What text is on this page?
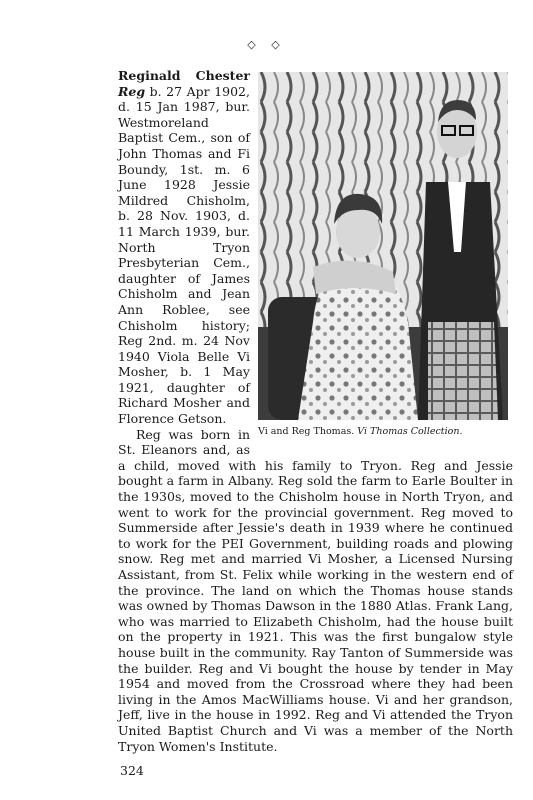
◇ ◇
Vi and Reg Thomas. Vi Thomas Collection.

Reginald Chester Reg b. 27 Apr 1902, d. 15 Jan 1987, bur. Westmoreland Baptist Cem., son of John Thomas and Fi Boundy, 1st. m. 6 June 1928 Jessie Mildred Chisholm, b. 28 Nov. 1903, d. 11 March 1939, bur. North Tryon Presbyterian Cem., daughter of James Chisholm and Jean Ann Roblee, see Chisholm history; Reg 2nd. m. 24 Nov 1940 Viola Belle Vi Mosher, b. 1 May 1921, daughter of Richard Mosher and Florence Getson.

Reg was born in St. Eleanors and, as a child, moved with his family to Tryon. Reg and Jessie bought a farm in Albany. Reg sold the farm to Earle Boulter in the 1930s, moved to the Chisholm house in North Tryon, and went to work for the provincial government. Reg moved to Summerside after Jessie's death in 1939 where he continued to work for the PEI Government, building roads and plowing snow. Reg met and married Vi Mosher, a Licensed Nursing Assistant, from St. Felix while working in the western end of the province. The land on which the Thomas house stands was owned by Thomas Dawson in the 1880 Atlas. Frank Lang, who was married to Elizabeth Chisholm, had the house built on the property in 1921. This was the first bungalow style house built in the community. Ray Tanton of Summerside was the builder. Reg and Vi bought the house by tender in May 1954 and moved from the Crossroad where they had been living in the Amos MacWilliams house. Vi and her grandson, Jeff, live in the house in 1992. Reg and Vi attended the Tryon United Baptist Church and Vi was a member of the North Tryon Women's Institute.

324
